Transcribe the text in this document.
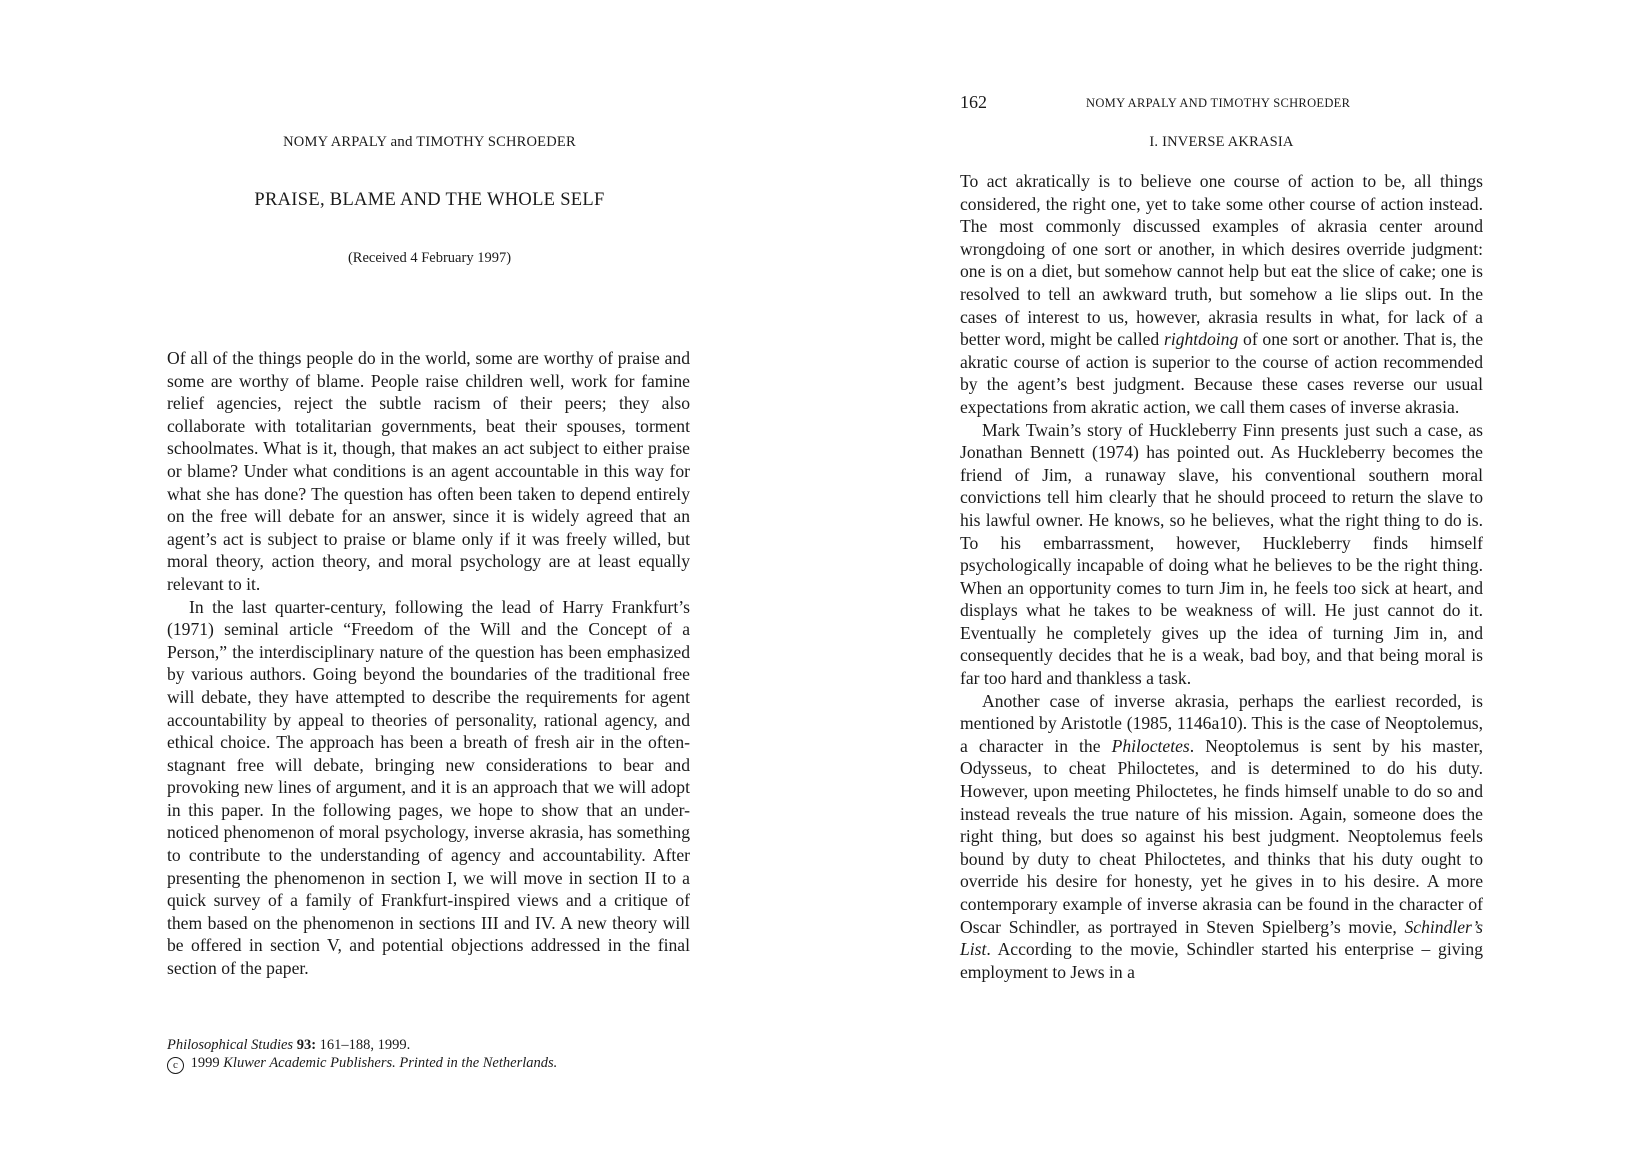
NOMY ARPALY and TIMOTHY SCHROEDER
PRAISE, BLAME AND THE WHOLE SELF
(Received 4 February 1997)

Of all of the things people do in the world, some are worthy of praise and some are worthy of blame. People raise children well, work for famine relief agencies, reject the subtle racism of their peers; they also collaborate with totalitarian governments, beat their spouses, torment schoolmates. What is it, though, that makes an act subject to either praise or blame? Under what conditions is an agent accountable in this way for what she has done? The question has often been taken to depend entirely on the free will debate for an answer, since it is widely agreed that an agent’s act is subject to praise or blame only if it was freely willed, but moral theory, action theory, and moral psychology are at least equally relevant to it.

In the last quarter-century, following the lead of Harry Frankfurt’s (1971) seminal article “Freedom of the Will and the Concept of a Person,” the interdisciplinary nature of the question has been emphasized by various authors. Going beyond the boundaries of the traditional free will debate, they have attempted to describe the requirements for agent accountability by appeal to theories of personality, rational agency, and ethical choice. The approach has been a breath of fresh air in the often-stagnant free will debate, bringing new considerations to bear and provoking new lines of argument, and it is an approach that we will adopt in this paper. In the following pages, we hope to show that an under-noticed phenomenon of moral psychology, inverse akrasia, has something to contribute to the understanding of agency and accountability. After presenting the phenomenon in section I, we will move in section II to a quick survey of a family of Frankfurt-inspired views and a critique of them based on the phenomenon in sections III and IV. A new theory will be offered in section V, and potential objections addressed in the final section of the paper.

Philosophical Studies 93: 161–188, 1999.
c 1999 Kluwer Academic Publishers. Printed in the Netherlands.
162	NOMY ARPALY AND TIMOTHY SCHROEDER
I. INVERSE AKRASIA

To act akratically is to believe one course of action to be, all things considered, the right one, yet to take some other course of action instead. The most commonly discussed examples of akrasia center around wrongdoing of one sort or another, in which desires override judgment: one is on a diet, but somehow cannot help but eat the slice of cake; one is resolved to tell an awkward truth, but somehow a lie slips out. In the cases of interest to us, however, akrasia results in what, for lack of a better word, might be called rightdoing of one sort or another. That is, the akratic course of action is superior to the course of action recommended by the agent’s best judgment. Because these cases reverse our usual expectations from akratic action, we call them cases of inverse akrasia.

Mark Twain’s story of Huckleberry Finn presents just such a case, as Jonathan Bennett (1974) has pointed out. As Huckleberry becomes the friend of Jim, a runaway slave, his conventional southern moral convictions tell him clearly that he should proceed to return the slave to his lawful owner. He knows, so he believes, what the right thing to do is. To his embarrassment, however, Huckleberry finds himself psychologically incapable of doing what he believes to be the right thing. When an opportunity comes to turn Jim in, he feels too sick at heart, and displays what he takes to be weakness of will. He just cannot do it. Eventually he completely gives up the idea of turning Jim in, and consequently decides that he is a weak, bad boy, and that being moral is far too hard and thankless a task.

Another case of inverse akrasia, perhaps the earliest recorded, is mentioned by Aristotle (1985, 1146a10). This is the case of Neoptolemus, a character in the Philoctetes. Neoptolemus is sent by his master, Odysseus, to cheat Philoctetes, and is determined to do his duty. However, upon meeting Philoctetes, he finds himself unable to do so and instead reveals the true nature of his mission. Again, someone does the right thing, but does so against his best judgment. Neoptolemus feels bound by duty to cheat Philoctetes, and thinks that his duty ought to override his desire for honesty, yet he gives in to his desire. A more contemporary example of inverse akrasia can be found in the character of Oscar Schindler, as portrayed in Steven Spielberg’s movie, Schindler’s List. According to the movie, Schindler started his enterprise – giving employment to Jews in a
